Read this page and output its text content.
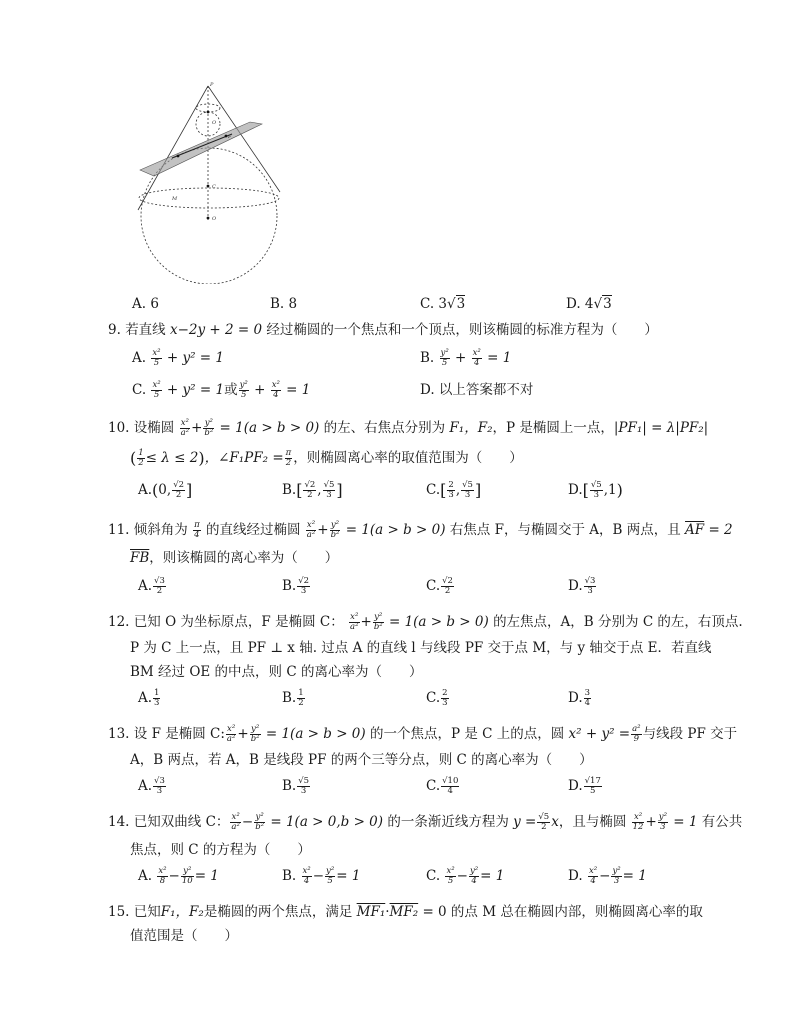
P
O
C
O
M
F
A. 6	B. 8	C. 3√3	D. 4√3
9. 若直线 x−2y + 2 = 0 经过椭圆的一个焦点和一个顶点，则该椭圆的标准方程为（　　）
A. $\frac{\text{x²}}{5} + y^2 = 1$	B. $\frac{\text{y²}}{5} + \frac{\text{x²}}{4} = 1$
C. $\frac{\text{x²}}{5} + y^2 = 1$或 $\frac{\text{y²}}{5} + \frac{\text{x²}}{4} = 1$	D. 以上答案都不对
10. 设椭圆 $\frac{\text{x²}}{\text{a²}} + \frac{\text{y²}}{\text{b²}} = 1(a > b > 0)$ 的左、右焦点分别为 F₁，F₂，P 是椭圆上一点，|PF₁| = λ|PF₂|
( $\frac{1}{2} \le \lambda \le 2$)，∠F₁PF₂ = $\frac{\pi}{2}$ ，则椭圆离心率的取值范围为（　　）
A.(0, $\frac{√2}{2}$ ]	$B.[ \frac{√2}{2}$ , $\frac{√5}{3}$ ]	$C.[ \frac{2}{3}$ , $\frac{√5}{3}$ ]	$D.[ \frac{√5}{3} ,1)$
11. 倾斜角为 $\frac{\pi}{4}$ 的直线经过椭圆 $\frac{\text{x²}}{\text{a²}} + \frac{\text{y²}}{\text{b²}} = 1(a > b > 0)$ 右焦点 F，与椭圆交于 A，B 两点，且 $\overline{AF} = 2$
$\overline{FB}$，则该椭圆的离心率为（　　）
A. $\frac{√3}{2}$	B. $\frac{√2}{3}$	C. $\frac{√2}{2}$	D. $\frac{√3}{3}$
12. 已知 O 为坐标原点，F 是椭圆 C： $\frac{\text{x²}}{\text{a²}} + \frac{\text{y²}}{\text{b²}} = 1(a > b > 0)$ 的左焦点，A，B 分别为 C 的左，右顶点.
P 为 C 上一点，且 PF ⊥ x 轴. 过点 A 的直线 l 与线段 PF 交于点 M，与 y 轴交于点 E．若直线
BM 经过 OE 的中点，则 C 的离心率为（　　）
A. $\frac{1}{3}$	B. $\frac{1}{2}$	C. $\frac{2}{3}$	D. $\frac{3}{4}$
13. 设 F 是椭圆 C: $\frac{\text{x²}}{\text{a²}} + \frac{\text{y²}}{\text{b²}} = 1(a > b > 0)$ 的一个焦点，P 是 C 上的点，圆 $x^2 + y^2 = \frac{\text{a²}}{9}$ 与线段 PF 交于
A，B 两点，若 A，B 是线段 PF 的两个三等分点，则 C 的离心率为（　　）
A. $\frac{√3}{3}$	B. $\frac{√5}{3}$	C. $\frac{√10}{4}$	D. $\frac{√17}{5}$
14. 已知双曲线 C： $\frac{\text{x²}}{\text{a²}} - \frac{\text{y²}}{\text{b²}} = 1(a > 0,b > 0)$ 的一条渐近线方程为 $y = \frac{√5}{2}$ x，且与椭圆 $\frac{\text{x²}}{12} + \frac{\text{y²}}{3} = 1$ 有公共
焦点，则 C 的方程为（　　）
A. $\frac{\text{x²}}{8} - \frac{\text{y²}}{10} = 1$	B. $\frac{\text{x²}}{4} - \frac{\text{y²}}{5} = 1$	C. $\frac{\text{x²}}{5} - \frac{\text{y²}}{4} = 1$	D. $\frac{\text{x²}}{4} - \frac{\text{y²}}{3} = 1$
15. 已知F₁，F₂是椭圆的两个焦点，满足 MF₁·MF₂ = 0 的点 M 总在椭圆内部，则椭圆离心率的取
值范围是（　　）
